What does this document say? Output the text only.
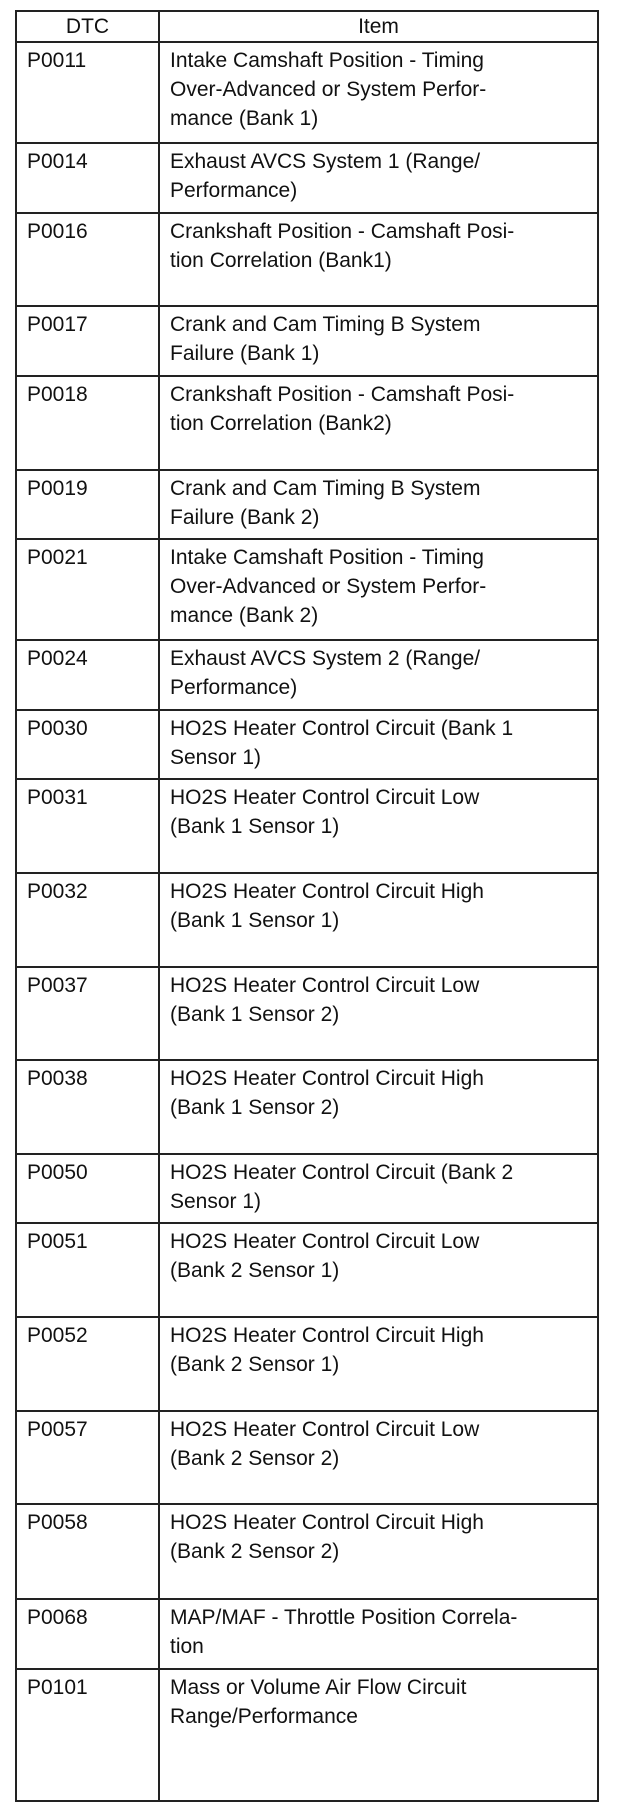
DTC	Item
P0011	Intake Camshaft Position - Timing
Over-Advanced or System Perfor-
mance (Bank 1)

P0014	Exhaust AVCS System 1 (Range/
Performance)

P0016	Crankshaft Position - Camshaft Posi-
tion Correlation (Bank1)

P0017	Crank and Cam Timing B System
Failure (Bank 1)

P0018	Crankshaft Position - Camshaft Posi-
tion Correlation (Bank2)

P0019	Crank and Cam Timing B System
Failure (Bank 2)

P0021	Intake Camshaft Position - Timing
Over-Advanced or System Perfor-
mance (Bank 2)

P0024	Exhaust AVCS System 2 (Range/
Performance)

P0030	HO2S Heater Control Circuit (Bank 1
Sensor 1)

P0031	HO2S Heater Control Circuit Low
(Bank 1 Sensor 1)

P0032	HO2S Heater Control Circuit High
(Bank 1 Sensor 1)

P0037	HO2S Heater Control Circuit Low
(Bank 1 Sensor 2)

P0038	HO2S Heater Control Circuit High
(Bank 1 Sensor 2)

P0050	HO2S Heater Control Circuit (Bank 2
Sensor 1)

P0051	HO2S Heater Control Circuit Low
(Bank 2 Sensor 1)

P0052	HO2S Heater Control Circuit High
(Bank 2 Sensor 1)

P0057	HO2S Heater Control Circuit Low
(Bank 2 Sensor 2)

P0058	HO2S Heater Control Circuit High
(Bank 2 Sensor 2)

P0068	MAP/MAF - Throttle Position Correla-
tion

P0101	Mass or Volume Air Flow Circuit
Range/Performance
